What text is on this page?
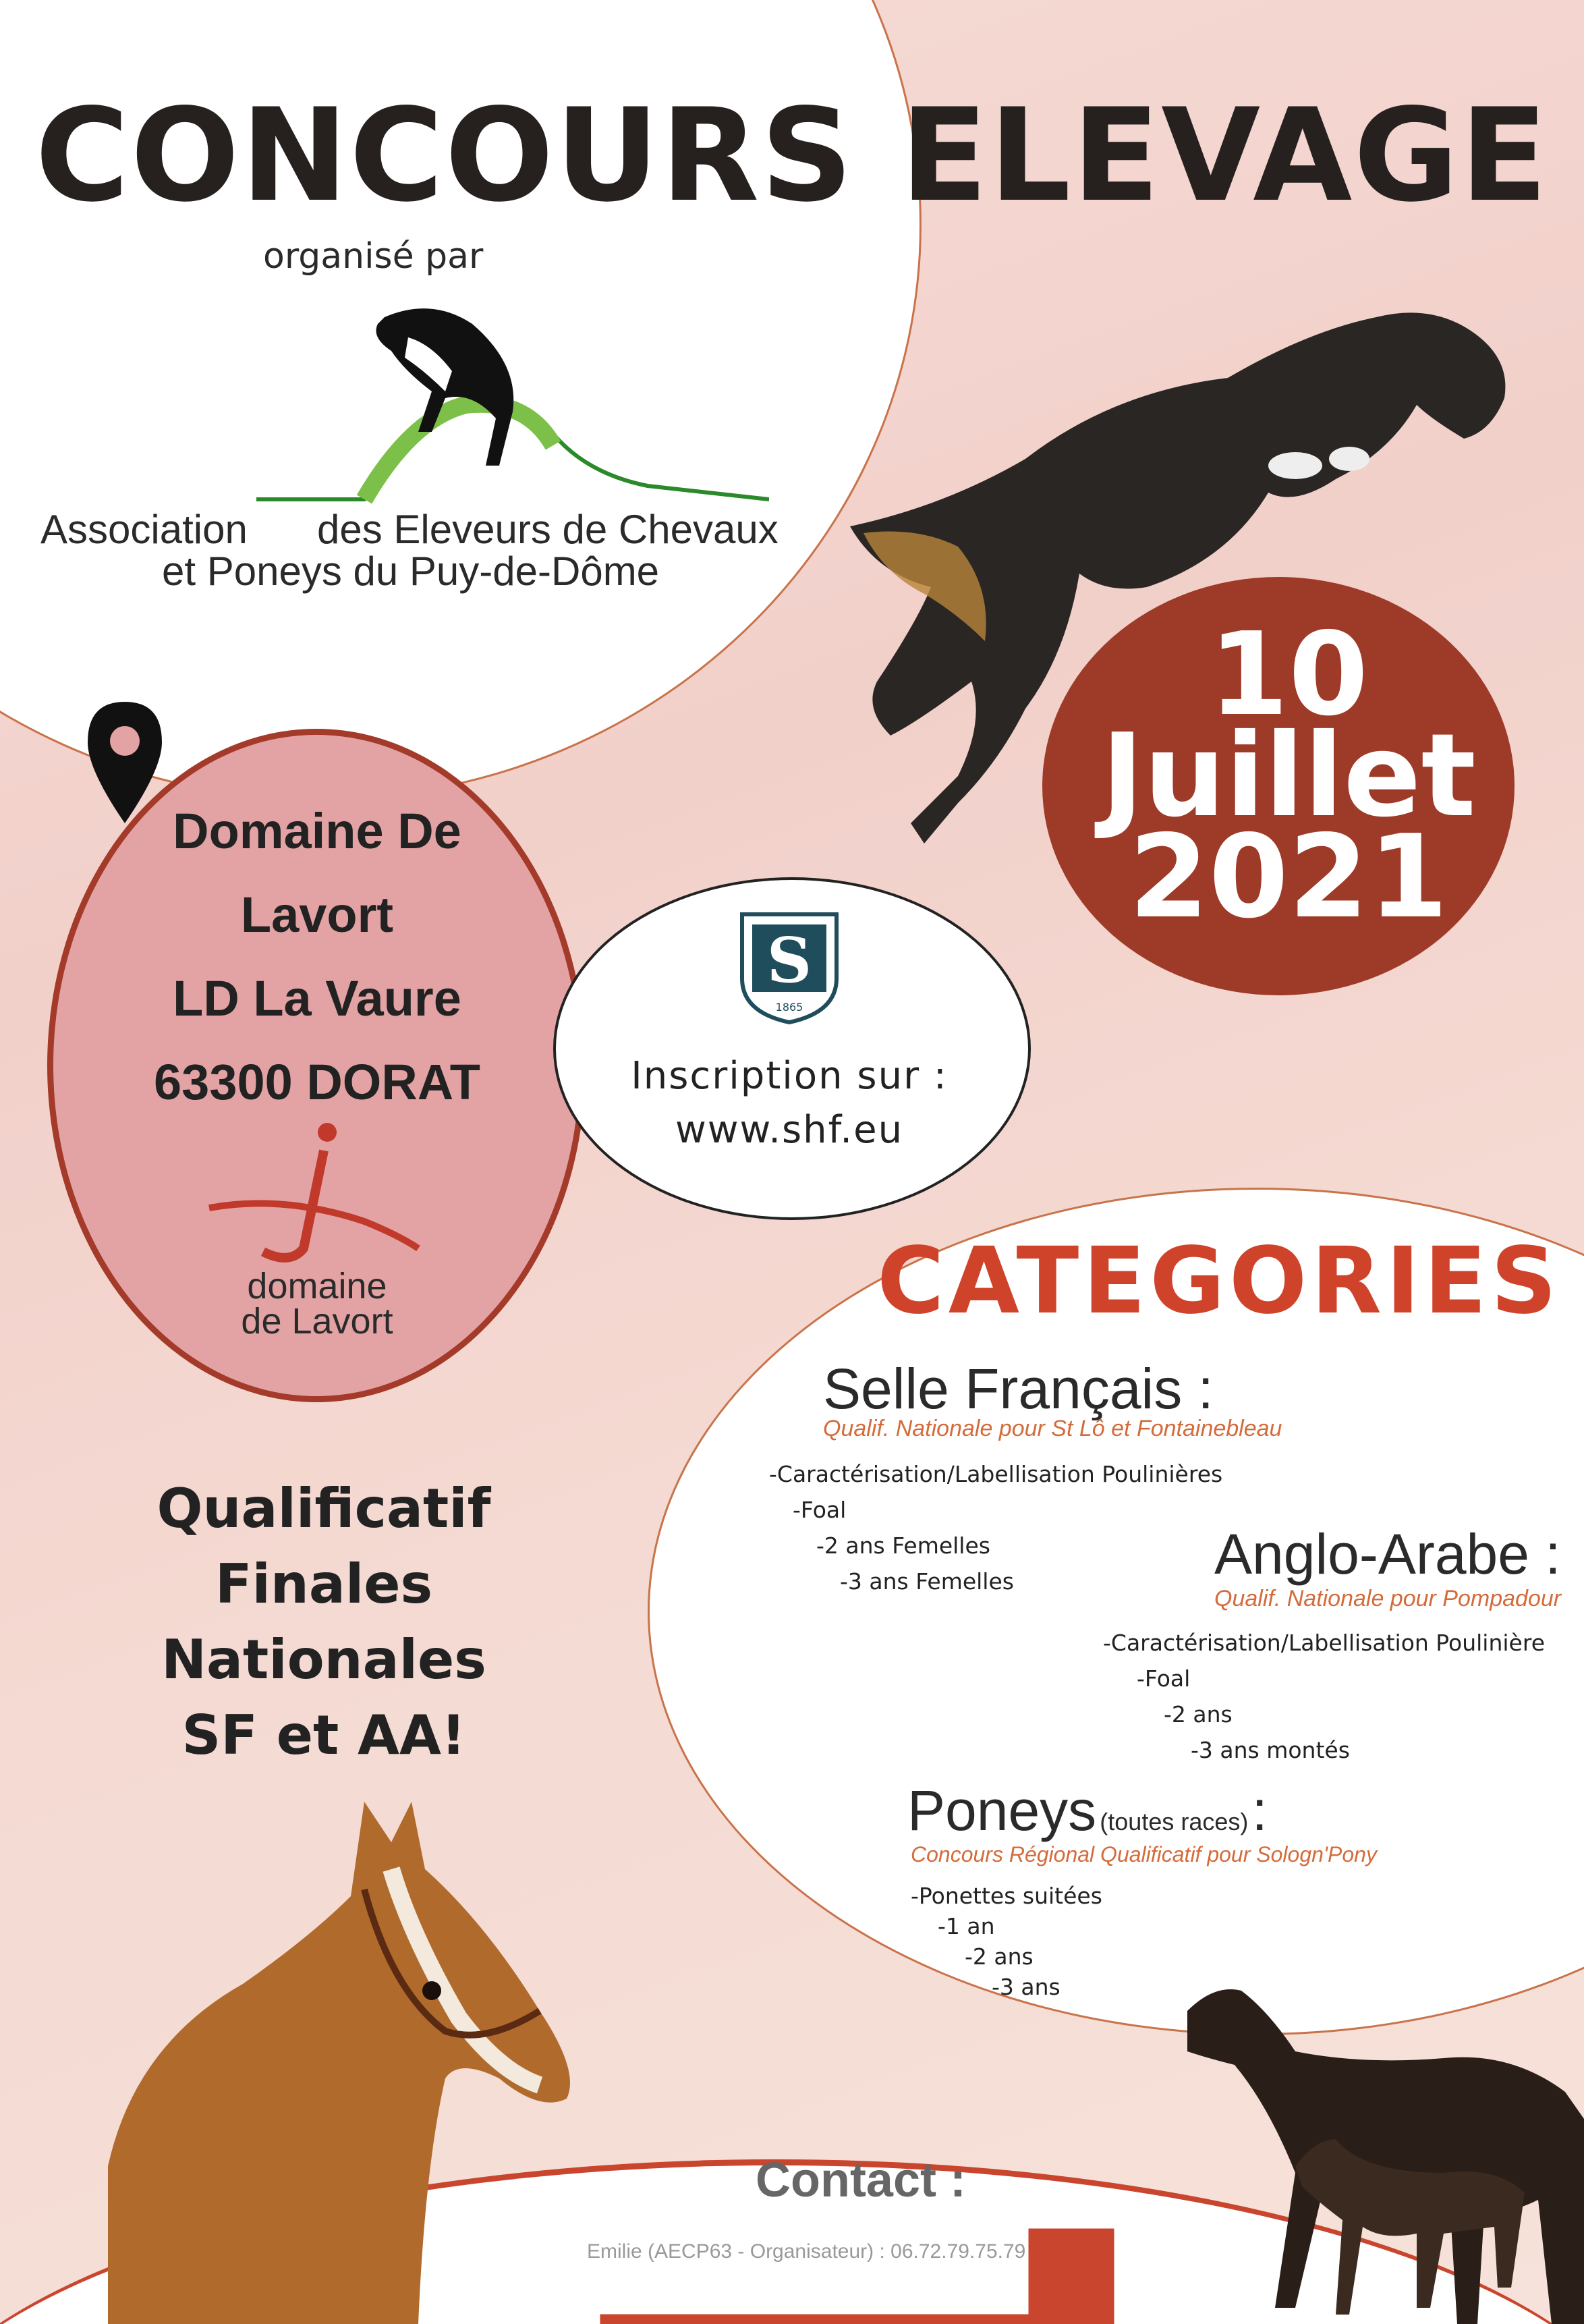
CONCOURS ELEVAGE
organisé par
Association des Eleveurs de Chevaux
et Poneys du Puy-de-Dôme
Domaine De
Lavort
LD La Vaure
63300 DORAT
domaine
de Lavort
10
Juillet
2021
S
1865
Inscription sur :
www.shf.eu
Qualificatif
Finales
Nationales
SF et AA!
CATEGORIES
Selle Français :
Qualif. Nationale pour St Lô et Fontainebleau
-Caractérisation/Labellisation Poulinières
-Foal
-2 ans Femelles
-3 ans Femelles	Anglo-Arabe :
Qualif. Nationale pour Pompadour
-Caractérisation/Labellisation Poulinière
-Foal
-2 ans
-3 ans montés
Poneys (toutes races) :
Concours Régional Qualificatif pour Sologn'Pony
-Ponettes suitées
-1 an
-2 ans
-3 ans
Contact :
Emilie (AECP63 - Organisateur) : 06.72.79.75.79
